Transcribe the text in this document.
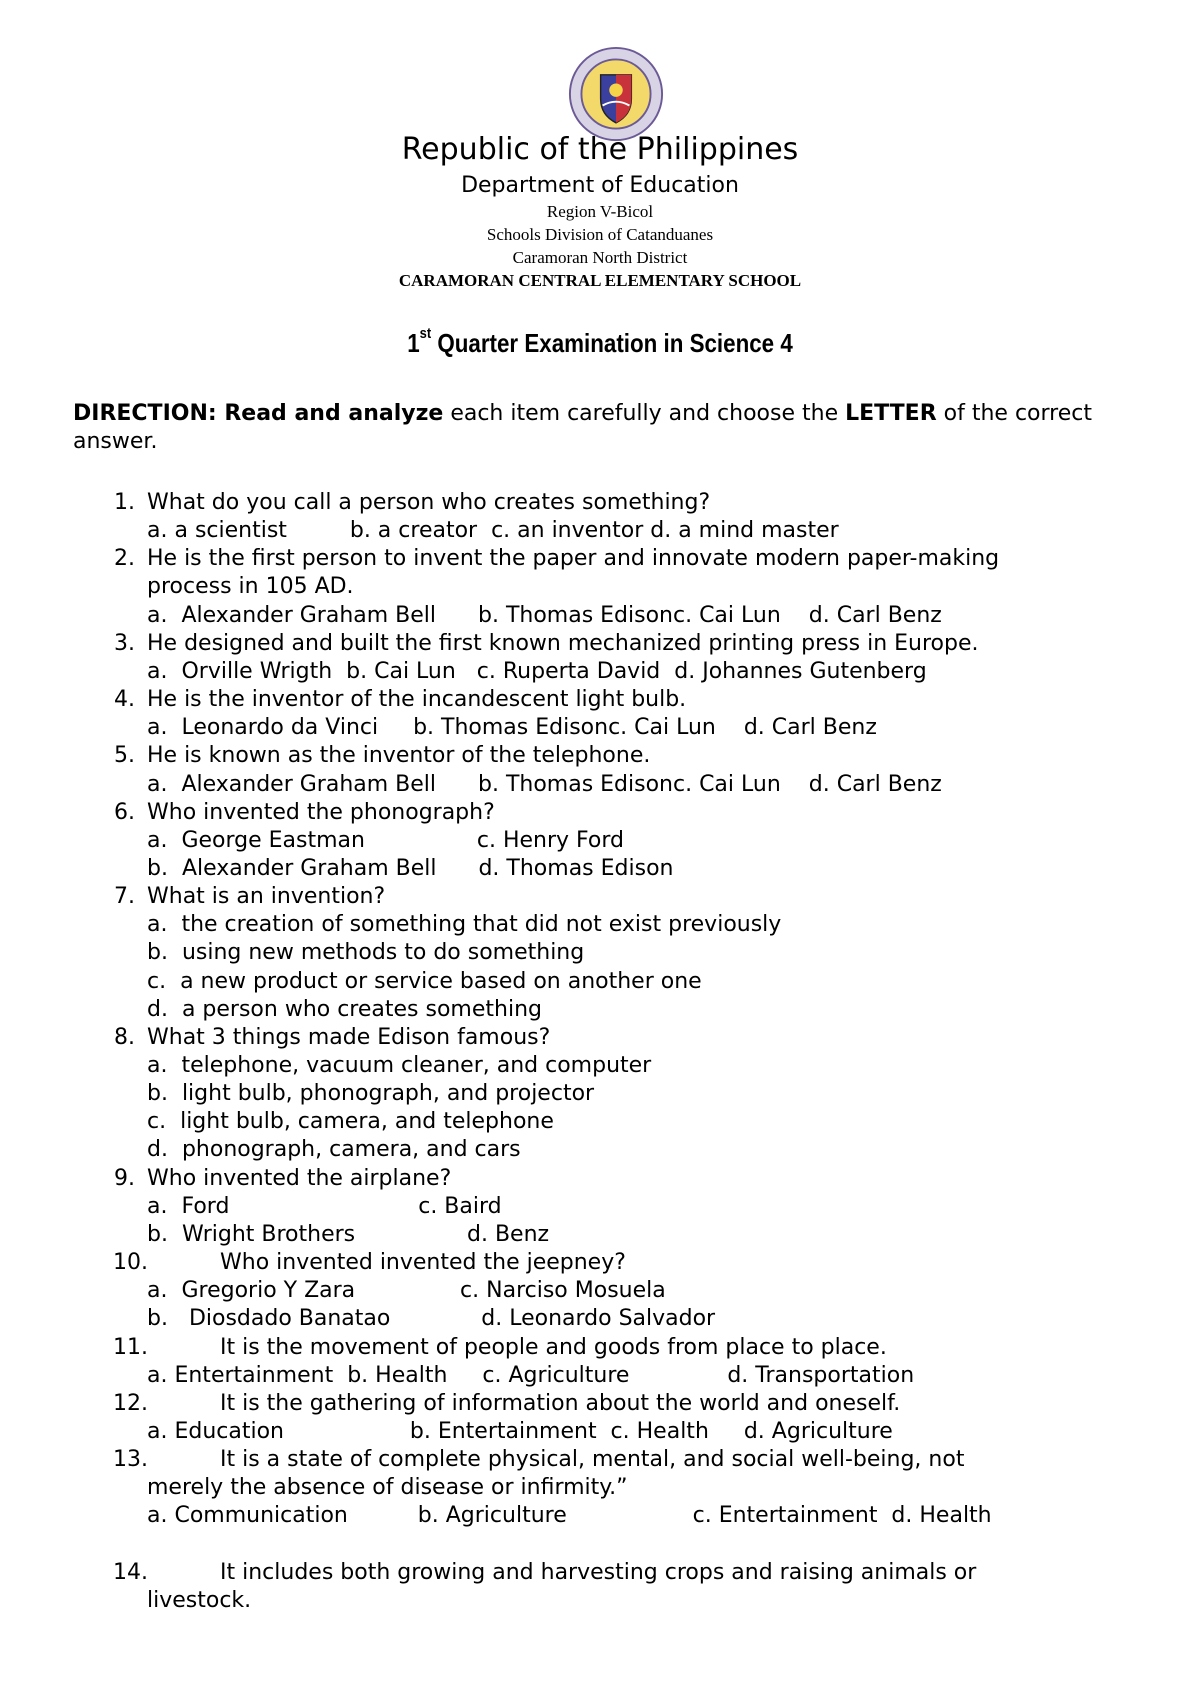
Republic of the Philippines
Department of Education
Region V-Bicol
Schools Division of Catanduanes
Caramoran North District
CARAMORAN CENTRAL ELEMENTARY SCHOOL
1st Quarter Examination in Science 4
DIRECTION: Read and analyze each item carefully and choose the LETTER of the correct answer.
1. What do you call a person who creates something?
a. a scientist         b. a creator  c. an inventor d. a mind master
2. He is the first person to invent the paper and innovate modern paper-making
process in 105 AD.
a.  Alexander Graham Bell      b. Thomas Edisonc. Cai Lun    d. Carl Benz
3. He designed and built the first known mechanized printing press in Europe.
a.  Orville Wrigth  b. Cai Lun   c. Ruperta David  d. Johannes Gutenberg
4. He is the inventor of the incandescent light bulb.
a.  Leonardo da Vinci     b. Thomas Edisonc. Cai Lun    d. Carl Benz
5. He is known as the inventor of the telephone.
a.  Alexander Graham Bell      b. Thomas Edisonc. Cai Lun    d. Carl Benz
6. Who invented the phonograph?
a.  George Eastman                c. Henry Ford
b.  Alexander Graham Bell      d. Thomas Edison
7. What is an invention?
a.  the creation of something that did not exist previously
b.  using new methods to do something
c.  a new product or service based on another one
d.  a person who creates something
8. What 3 things made Edison famous?
a.  telephone, vacuum cleaner, and computer
b.  light bulb, phonograph, and projector
c.  light bulb, camera, and telephone
d.  phonograph, camera, and cars
9. Who invented the airplane?
a.  Ford                           c. Baird
b.  Wright Brothers                d. Benz
10.	Who invented invented the jeepney?
a.  Gregorio Y Zara               c. Narciso Mosuela
b.   Diosdado Banatao             d. Leonardo Salvador
11.	It is the movement of people and goods from place to place.
a. Entertainment  b. Health     c. Agriculture              d. Transportation
12.	It is the gathering of information about the world and oneself.
a. Education                  b. Entertainment  c. Health     d. Agriculture
13.	It is a state of complete physical, mental, and social well-being, not
merely the absence of disease or infirmity.”
a. Communication          b. Agriculture                  c. Entertainment  d. Health
14.	It includes both growing and harvesting crops and raising animals or
livestock.
